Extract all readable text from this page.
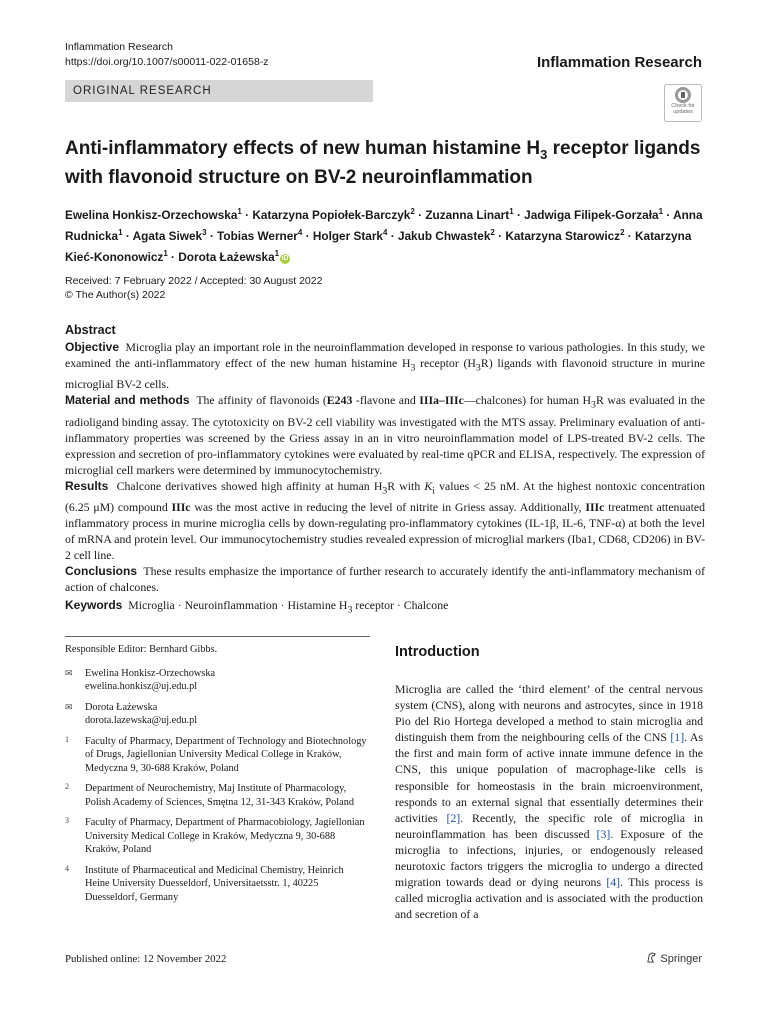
Inflammation Research
https://doi.org/10.1007/s00011-022-01658-z	Inflammation Research
ORIGINAL RESEARCH
Check for
updates
Anti-inflammatory effects of new human histamine $H_3$ receptor ligands with flavonoid structure on BV-2 neuroinflammation
Ewelina Honkisz-Orzechowska$^1$ · Katarzyna Popiołek-Barczyk$^2$ · Zuzanna Linart$^1$ · Jadwiga Filipek-Gorzała$^1$ · Anna Rudnicka$^1$ · Agata Siwek$^3$ · Tobias Werner$^4$ · Holger Stark$^4$ · Jakub Chwastek$^2$ · Katarzyna Starowicz$^2$ · Katarzyna Kieć-Kononowicz$^1$ · Dorota Łażewska$^1$iD
Received: 7 February 2022 / Accepted: 30 August 2022
© The Author(s) 2022
Abstract

Objective Microglia play an important role in the neuroinflammation developed in response to various pathologies. In this study, we examined the anti-inflammatory effect of the new human histamine $H_3$ receptor $(H_3R)$ ligands with flavonoid structure in murine microglial BV-2 cells.

Material and methods The affinity of flavonoids (E243 -flavone and IIIa–IIIc—chalcones) for human $H_3R$ was evaluated in the radioligand binding assay. The cytotoxicity on BV-2 cell viability was investigated with the MTS assay. Preliminary evaluation of anti-inflammatory properties was screened by the Griess assay in an in vitro neuroinflammation model of LPS-treated BV-2 cells. The expression and secretion of pro-inflammatory cytokines were evaluated by real-time qPCR and ELISA, respectively. The expression of microglial cell markers were determined by immunocytochemistry.

Results Chalcone derivatives showed high affinity at human $H_3R$ with $K_i$ values < 25 nM. At the highest nontoxic concentration (6.25 μM) compound IIIc was the most active in reducing the level of nitrite in Griess assay. Additionally, IIIc treatment attenuated inflammatory process in murine microglia cells by down-regulating pro-inflammatory cytokines (IL-1β, IL-6, TNF-α) at both the level of mRNA and protein level. Our immunocytochemistry studies revealed expression of microglial markers (Iba1, CD68, CD206) in BV-2 cell line.

Conclusions These results emphasize the importance of further research to accurately identify the anti-inflammatory mechanism of action of chalcones.

Keywords Microglia · Neuroinflammation · Histamine $H_3$ receptor · Chalcone
Responsible Editor: Bernhard Gibbs.
✉	Ewelina Honkisz-Orzechowska
ewelina.honkisz@uj.edu.pl
✉	Dorota Łażewska
dorota.lazewska@uj.edu.pl
1	Faculty of Pharmacy, Department of Technology and Biotechnology of Drugs, Jagiellonian University Medical College in Kraków, Medyczna 9, 30-688 Kraków, Poland
2	Department of Neurochemistry, Maj Institute of Pharmacology, Polish Academy of Sciences, Smętna 12, 31-343 Kraków, Poland
3	Faculty of Pharmacy, Department of Pharmacobiology, Jagiellonian University Medical College in Kraków, Medyczna 9, 30-688 Kraków, Poland
4	Institute of Pharmaceutical and Medicinal Chemistry, Heinrich Heine University Duesseldorf, Universitaetsstr. 1, 40225 Duesseldorf, Germany
Introduction

Microglia are called the ‘third element’ of the central nervous system (CNS), along with neurons and astrocytes, since in 1918 Pio del Rio Hortega developed a method to stain microglia and distinguish them from the neighbouring cells of the CNS [1]. As the first and main form of active innate immune defence in the CNS, this unique population of macrophage-like cells is responsible for homeostasis in the brain microenvironment, responds to an external signal that essentially determines their activities [2]. Recently, the specific role of microglia in neuroinflammation has been discussed [3]. Exposure of the microglia to infections, injuries, or endogenously released neurotoxic factors triggers the microglia to undergo a directed migration towards dead or dying neurons [4]. This process is called microglia activation and is associated with the production and secretion of a

Published online: 12 November 2022	Springer
